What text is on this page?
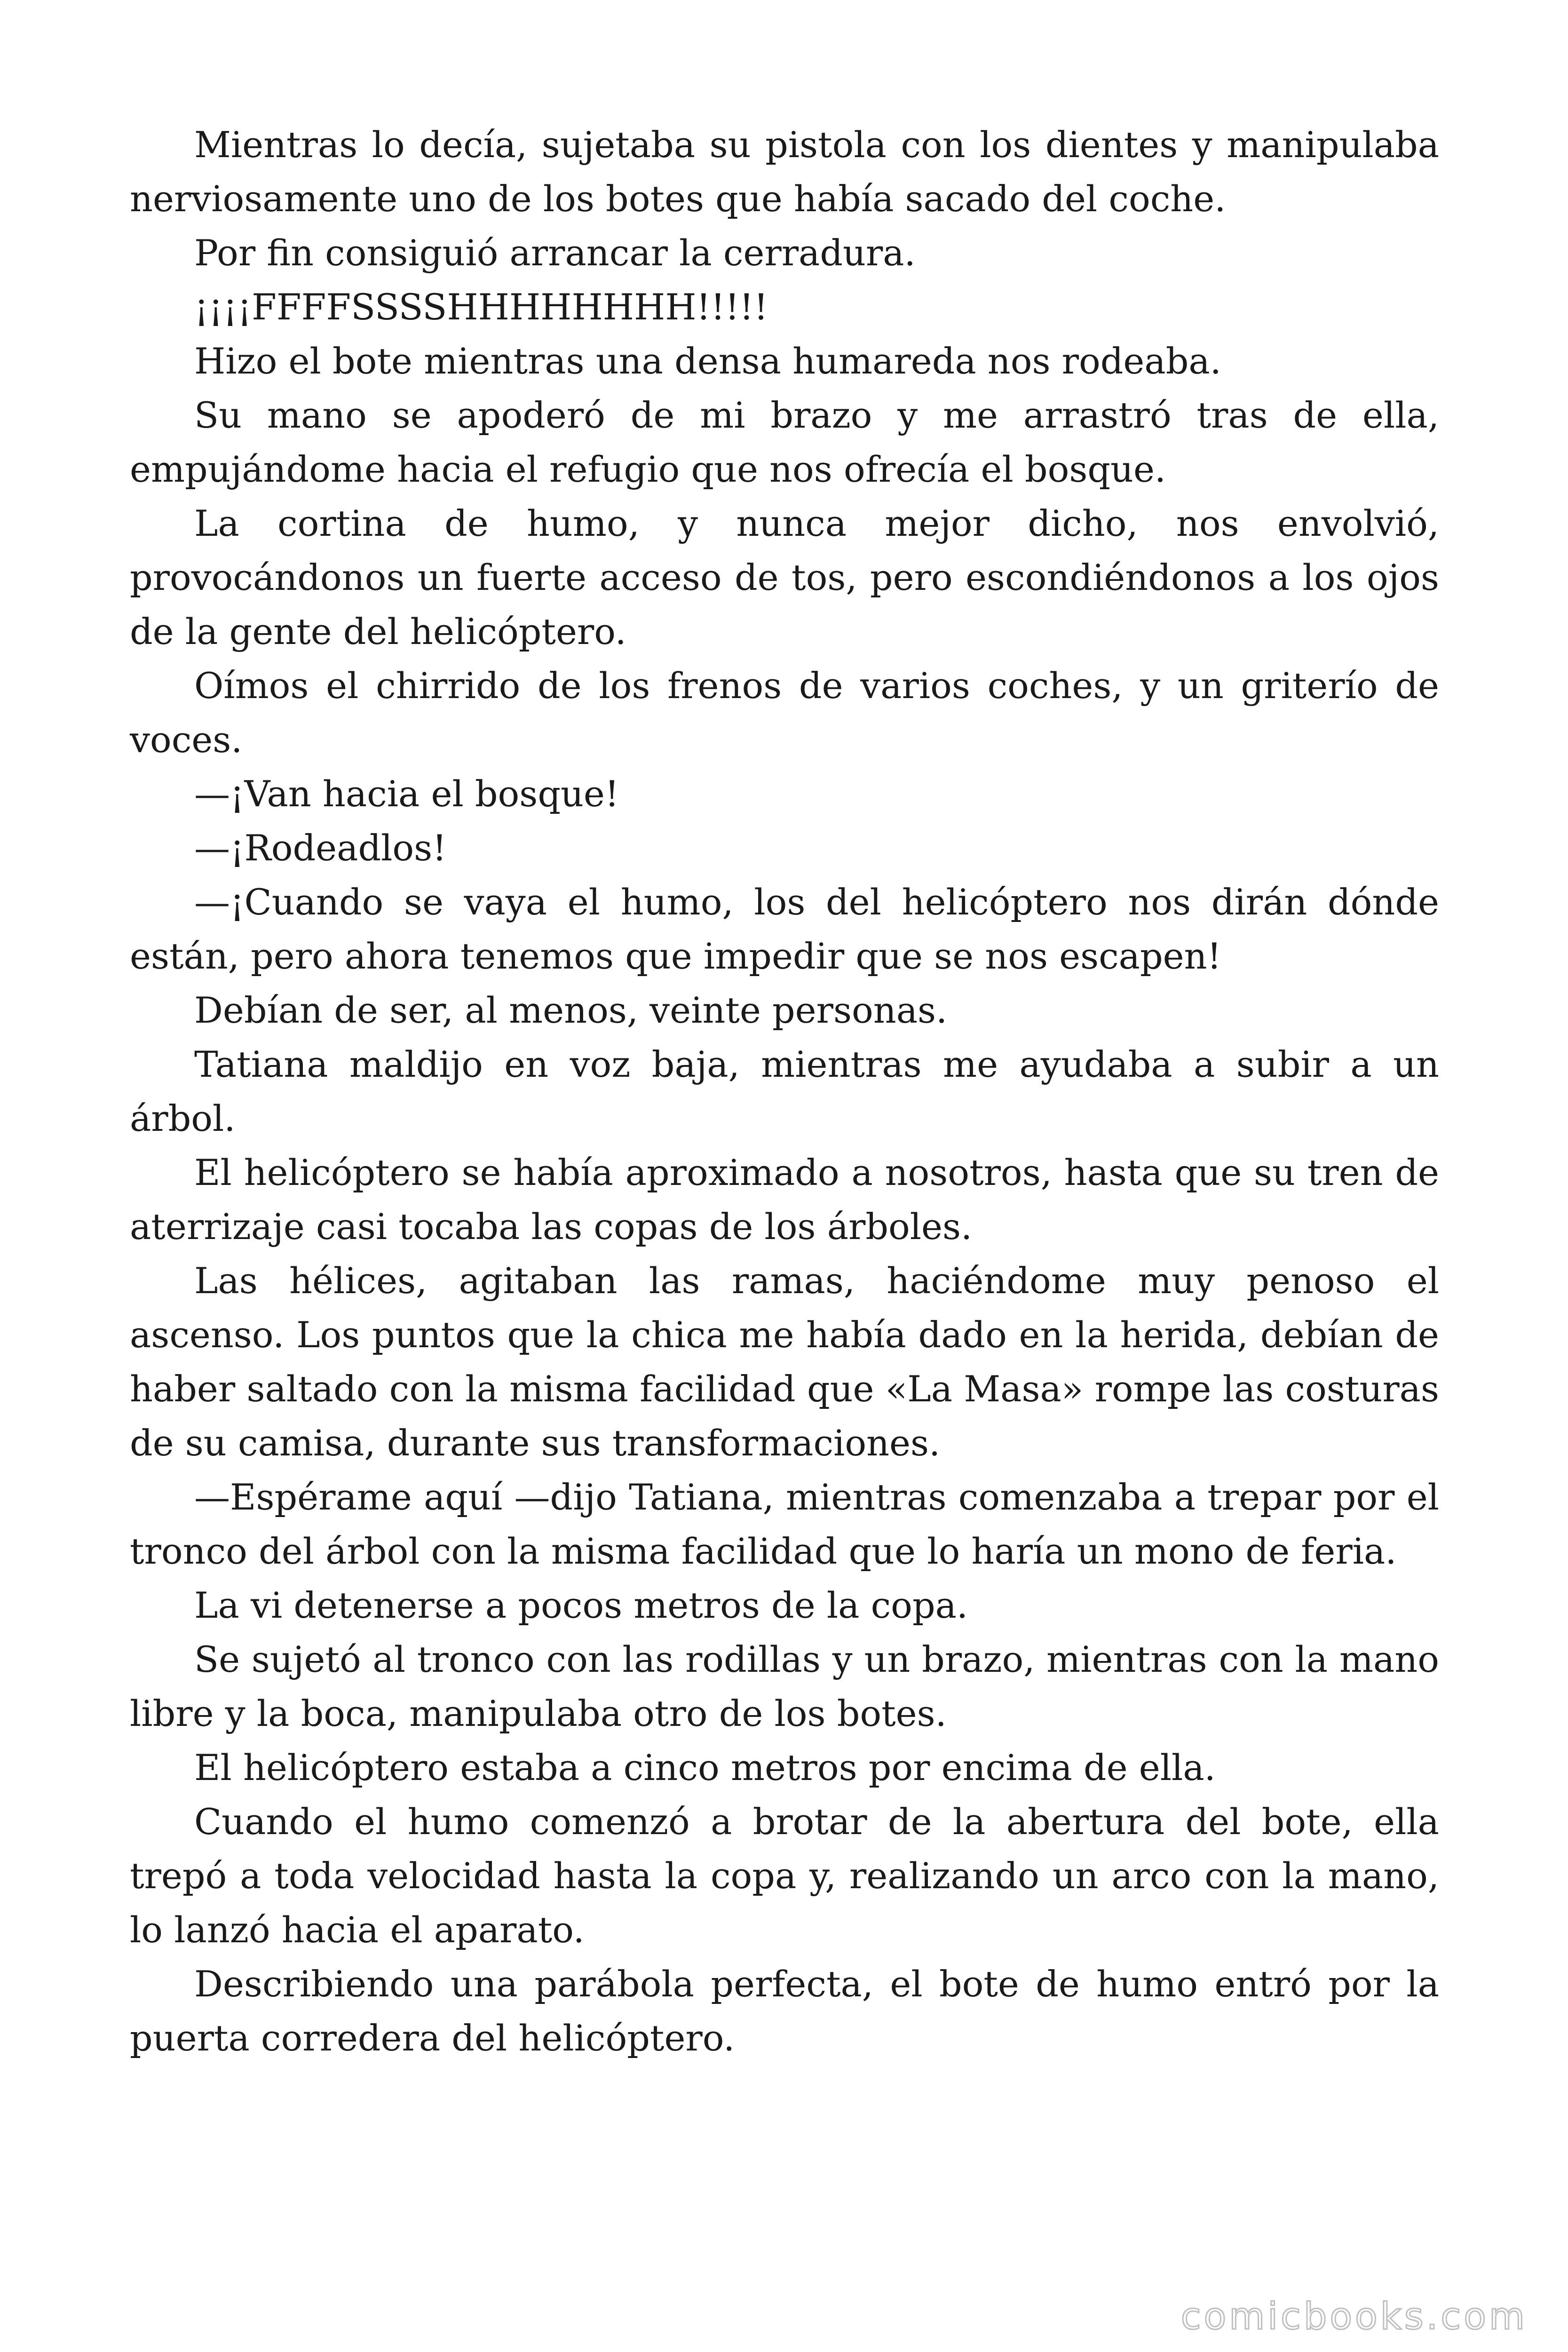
Mientras lo decía, sujetaba su pistola con los dientes y manipulaba nerviosamente uno de los botes que había sacado del coche.

Por fin consiguió arrancar la cerradura.

¡¡¡¡FFFFSSSSHHHHHHHH!!!!!

Hizo el bote mientras una densa humareda nos rodeaba.

Su mano se apoderó de mi brazo y me arrastró tras de ella, empujándome hacia el refugio que nos ofrecía el bosque.

La cortina de humo, y nunca mejor dicho, nos envolvió, provocándonos un fuerte acceso de tos, pero escondiéndonos a los ojos de la gente del helicóptero.

Oímos el chirrido de los frenos de varios coches, y un griterío de voces.

—¡Van hacia el bosque!

—¡Rodeadlos!

—¡Cuando se vaya el humo, los del helicóptero nos dirán dónde están, pero ahora tenemos que impedir que se nos escapen!

Debían de ser, al menos, veinte personas.

Tatiana maldijo en voz baja, mientras me ayudaba a subir a un árbol.

El helicóptero se había aproximado a nosotros, hasta que su tren de aterrizaje casi tocaba las copas de los árboles.

Las hélices, agitaban las ramas, haciéndome muy penoso el ascenso. Los puntos que la chica me había dado en la herida, debían de haber saltado con la misma facilidad que «La Masa» rompe las costuras de su camisa, durante sus transformaciones.

—Espérame aquí —dijo Tatiana, mientras comenzaba a trepar por el tronco del árbol con la misma facilidad que lo haría un mono de feria.

La vi detenerse a pocos metros de la copa.

Se sujetó al tronco con las rodillas y un brazo, mientras con la mano libre y la boca, manipulaba otro de los botes.

El helicóptero estaba a cinco metros por encima de ella.

Cuando el humo comenzó a brotar de la abertura del bote, ella trepó a toda velocidad hasta la copa y, realizando un arco con la mano, lo lanzó hacia el aparato.

Describiendo una parábola perfecta, el bote de humo entró por la puerta corredera del helicóptero.

comicbooks.com
